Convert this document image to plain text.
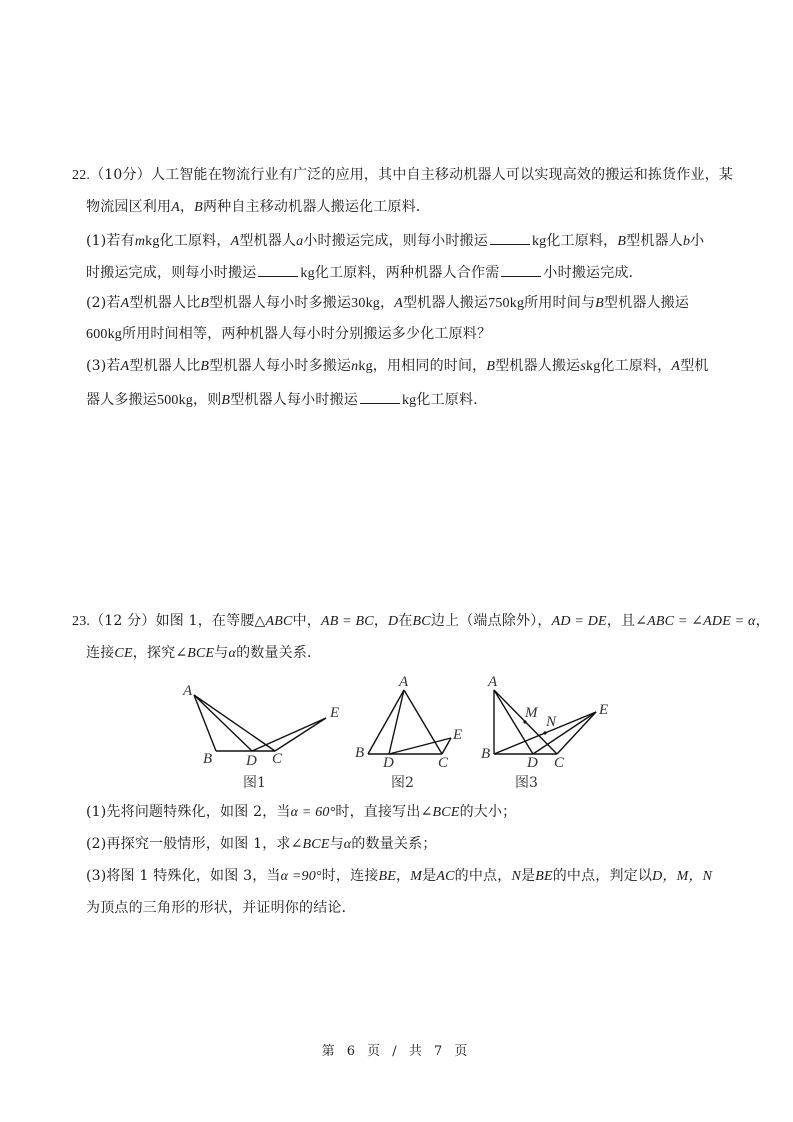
22.（10分）人工智能在物流行业有广泛的应用，其中自主移动机器人可以实现高效的搬运和拣货作业，某
物流园区利用A，B两种自主移动机器人搬运化工原料．
(1)若有mkg化工原料，A型机器人a小时搬运完成，则每小时搬运	kg化工原料，B型机器人b小
时搬运完成，则每小时搬运	kg化工原料，两种机器人合作需	小时搬运完成．
(2)若A型机器人比B型机器人每小时多搬运30kg，A型机器人搬运750kg所用时间与B型机器人搬运
600kg所用时间相等，两种机器人每小时分别搬运多少化工原料？
(3)若A型机器人比B型机器人每小时多搬运nkg，用相同的时间，B型机器人搬运skg化工原料，A型机
器人多搬运500kg，则B型机器人每小时搬运	kg化工原料．
23.（12 分）如图 1，在等腰△ABC中，AB = BC，D在BC边上（端点除外），AD = DE，且∠ABC = ∠ADE = α，
连接CE，探究∠BCE与α的数量关系．
A
B D C
E
图1
A
B
D	C
E
图2
A
B
D C
E
M
N
图3
(1)先将问题特殊化，如图 2，当α = 60°时，直接写出∠BCE的大小；
(2)再探究一般情形，如图 1，求∠BCE与α的数量关系；
(3)将图 1 特殊化，如图 3，当α =90°时，连接BE，M是AC的中点，N是BE的中点，判定以D，M，N
为顶点的三角形的形状，并证明你的结论．
第 6 页 / 共 7 页
